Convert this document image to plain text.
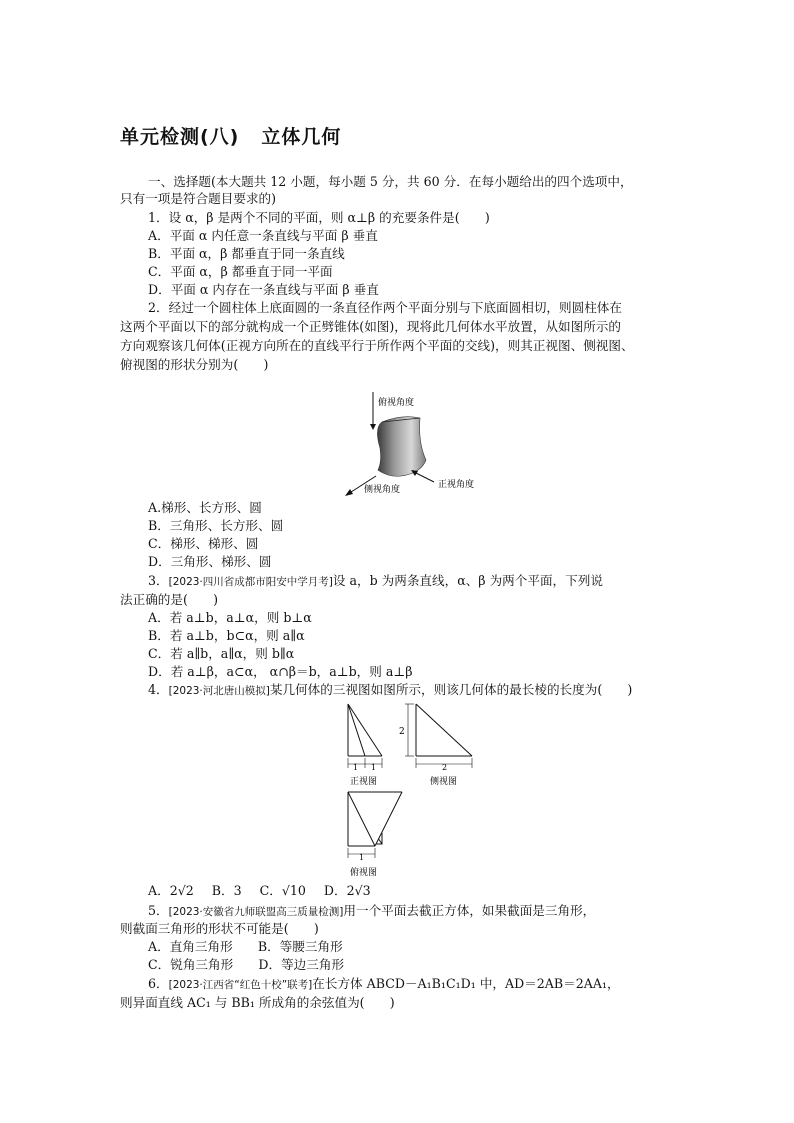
单元检测(八) 立体几何
一、选择题(本大题共 12 小题，每小题 5 分，共 60 分．在每小题给出的四个选项中，
只有一项是符合题目要求的)
1．设 α，β 是两个不同的平面，则 α⊥β 的充要条件是(　　)
A．平面 α 内任意一条直线与平面 β 垂直
B．平面 α，β 都垂直于同一条直线
C．平面 α，β 都垂直于同一平面
D．平面 α 内存在一条直线与平面 β 垂直
2．经过一个圆柱体上底面圆的一条直径作两个平面分别与下底面圆相切，则圆柱体在
这两个平面以下的部分就构成一个正劈锥体(如图)，现将此几何体水平放置，从如图所示的
方向观察该几何体(正视方向所在的直线平行于所作两个平面的交线)，则其正视图、侧视图、
俯视图的形状分别为(　　)
俯视角度
侧视角度	正视角度
A.梯形、长方形、圆
B．三角形、长方形、圆
C．梯形、梯形、圆
D．三角形、梯形、圆
3．[2023·四川省成都市阳安中学月考]设 a，b 为两条直线，α、β 为两个平面，下列说
法正确的是(　　)
A．若 a⊥b，a⊥α，则 b⊥α
B．若 a⊥b，b⊂α，则 a∥α
C．若 a∥b，a∥α，则 b∥α
D．若 a⊥β，a⊂α， α∩β＝b，a⊥b，则 a⊥β
4．[2023·河北唐山模拟]某几何体的三视图如图所示，则该几何体的最长棱的长度为(　　)
1 1
正视图
2
2
侧视图
1
俯视图
A．2√2 B．3 C．√10 D．2√3
5．[2023·安徽省九师联盟高三质量检测]用一个平面去截正方体，如果截面是三角形，
则截面三角形的形状不可能是(　　)
A．直角三角形　　B．等腰三角形
C．锐角三角形　　D．等边三角形
6．[2023·江西省“红色十校”联考]在长方体 ABCD－A₁B₁C₁D₁ 中，AD＝2AB＝2AA₁，
则异面直线 AC₁ 与 BB₁ 所成角的余弦值为(　　)
